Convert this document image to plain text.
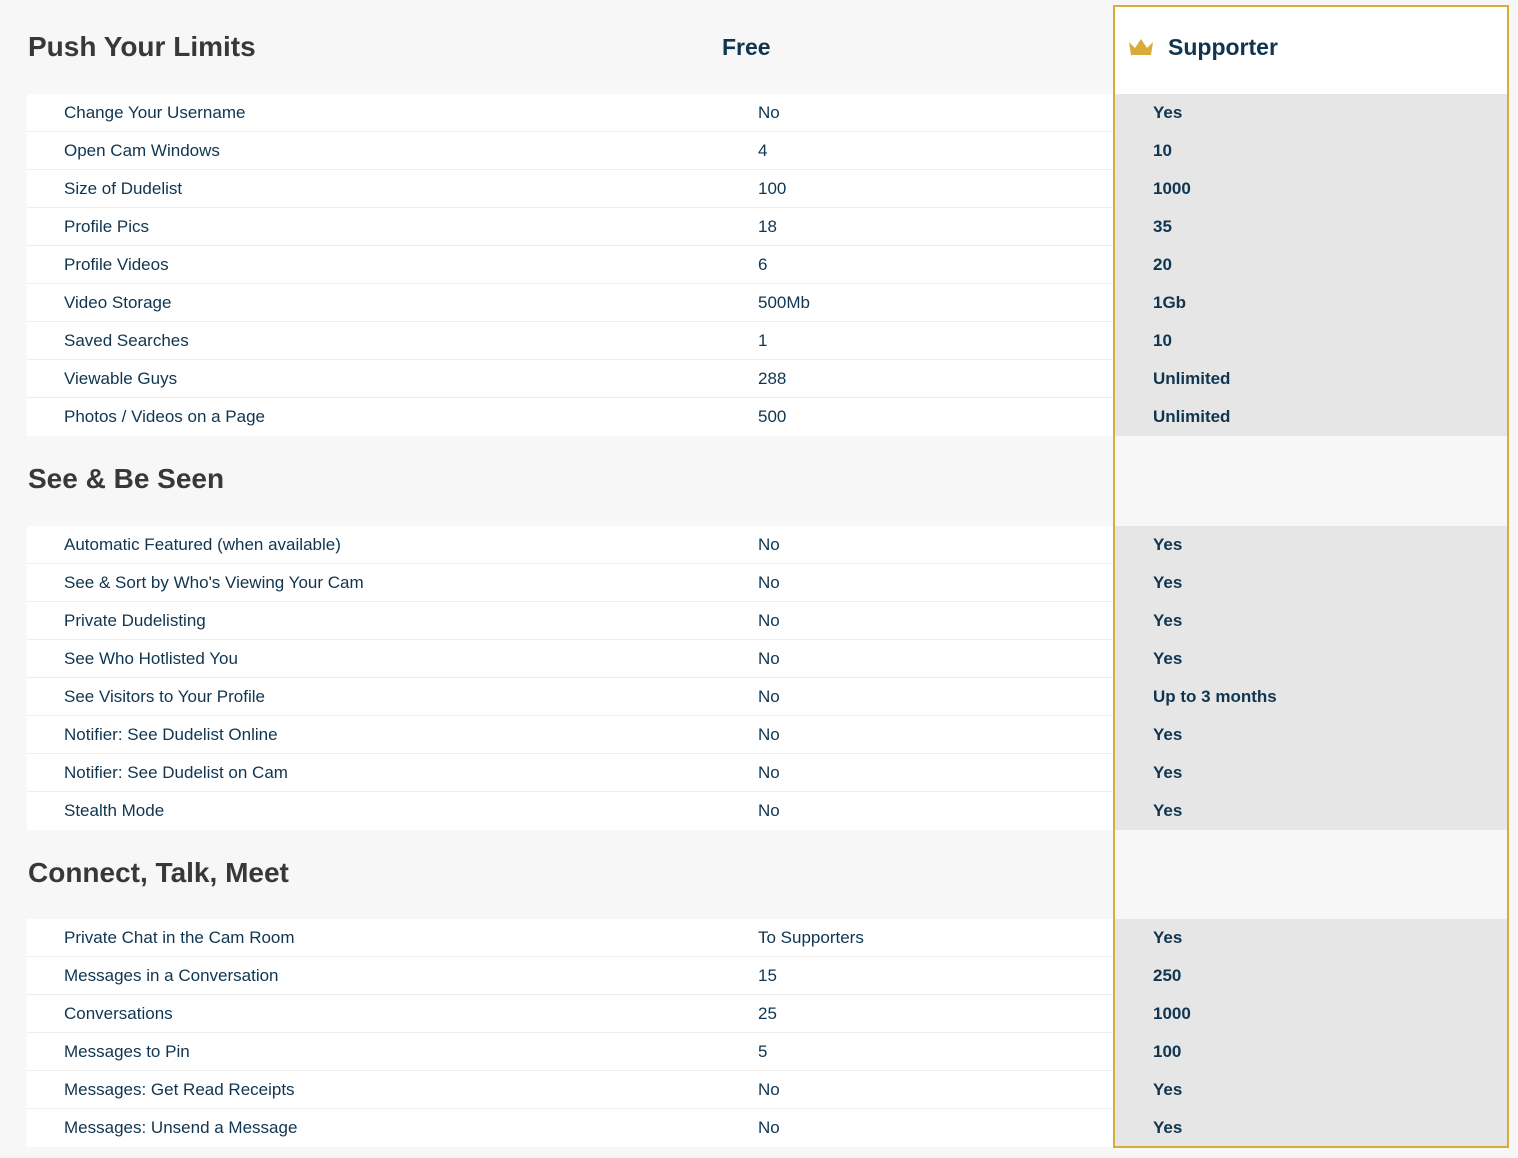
Push Your Limits	Free	Supporter
Change Your Username	No	Yes
Open Cam Windows	4	10
Size of Dudelist	100	1000
Profile Pics	18	35
Profile Videos	6	20
Video Storage	500Mb	1Gb
Saved Searches	1	10
Viewable Guys	288	Unlimited
Photos / Videos on a Page	500	Unlimited
See & Be Seen
Automatic Featured (when available)	No	Yes
See & Sort by Who's Viewing Your Cam	No	Yes
Private Dudelisting	No	Yes
See Who Hotlisted You	No	Yes
See Visitors to Your Profile	No	Up to 3 months
Notifier: See Dudelist Online	No	Yes
Notifier: See Dudelist on Cam	No	Yes
Stealth Mode	No	Yes
Connect, Talk, Meet
Private Chat in the Cam Room	To Supporters	Yes
Messages in a Conversation	15	250
Conversations	25	1000
Messages to Pin	5	100
Messages: Get Read Receipts	No	Yes
Messages: Unsend a Message	No	Yes
